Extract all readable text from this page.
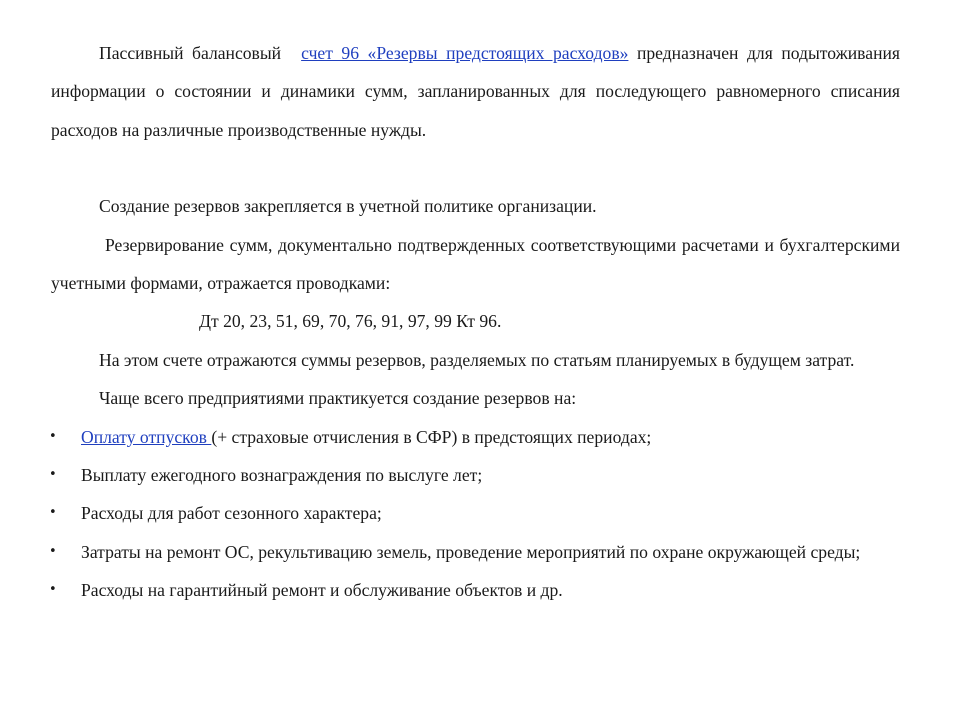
Пассивный балансовый счет 96 «Резервы предстоящих расходов» предназначен для подытоживания информации о состоянии и динамики сумм, запланированных для последующего равномерного списания расходов на различные производственные нужды.

Создание резервов закрепляется в учетной политике организации.

Резервирование сумм, документально подтвержденных соответствующими расчетами и бухгалтерскими учетными формами, отражается проводками:

Дт 20, 23, 51, 69, 70, 76, 91, 97, 99 Кт 96.

На этом счете отражаются суммы резервов, разделяемых по статьям планируемых в будущем затрат.

Чаще всего предприятиями практикуется создание резервов на:

• Оплату отпусков (+ страховые отчисления в СФР) в предстоящих периодах;
• Выплату ежегодного вознаграждения по выслуге лет;
• Расходы для работ сезонного характера;
• Затраты на ремонт ОС, рекультивацию земель, проведение мероприятий по охране окружающей среды;
• Расходы на гарантийный ремонт и обслуживание объектов и др.
